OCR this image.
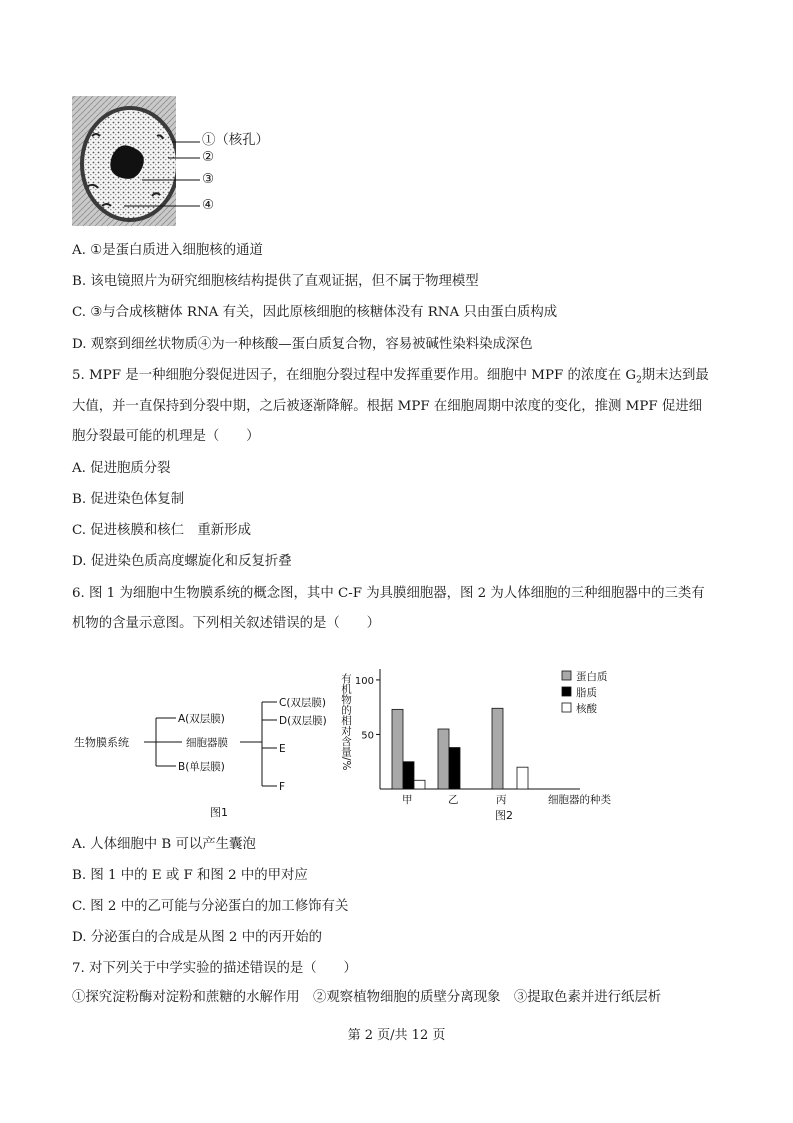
①（核孔）
②
③
④
A. ①是蛋白质进入细胞核的通道
B. 该电镜照片为研究细胞核结构提供了直观证据，但不属于物理模型
C. ③与合成核糖体 RNA 有关，因此原核细胞的核糖体没有 RNA 只由蛋白质构成
D. 观察到细丝状物质④为一种核酸—蛋白质复合物，容易被碱性染料染成深色
5. MPF 是一种细胞分裂促进因子，在细胞分裂过程中发挥重要作用。细胞中 MPF 的浓度在 $G_2$期末达到最
大值，并一直保持到分裂中期，之后被逐渐降解。根据 MPF 在细胞周期中浓度的变化，推测 MPF 促进细
胞分裂最可能的机理是（　　）
A. 促进胞质分裂
B. 促进染色体复制
C. 促进核膜和核仁　重新形成
D. 促进染色质高度螺旋化和反复折叠
6. 图 1 为细胞中生物膜系统的概念图，其中 C-F 为具膜细胞器，图 2 为人体细胞的三种细胞器中的三类有
机物的含量示意图。下列相关叙述错误的是（　　）
生物膜系统
A(双层膜)
细胞器膜
B(单层膜)
C(双层膜)
D(双层膜)
E
F
图1
50
100
有机物的相对含量/%
甲	乙	丙	细胞器的种类
图2
蛋白质
脂质
核酸
A. 人体细胞中 B 可以产生囊泡
B. 图 1 中的 E 或 F 和图 2 中的甲对应
C. 图 2 中的乙可能与分泌蛋白的加工修饰有关
D. 分泌蛋白的合成是从图 2 中的丙开始的
7. 对下列关于中学实验的描述错误的是（　　）
①探究淀粉酶对淀粉和蔗糖的水解作用　②观察植物细胞的质壁分离现象　③提取色素并进行纸层析
第 2 页/共 12 页
